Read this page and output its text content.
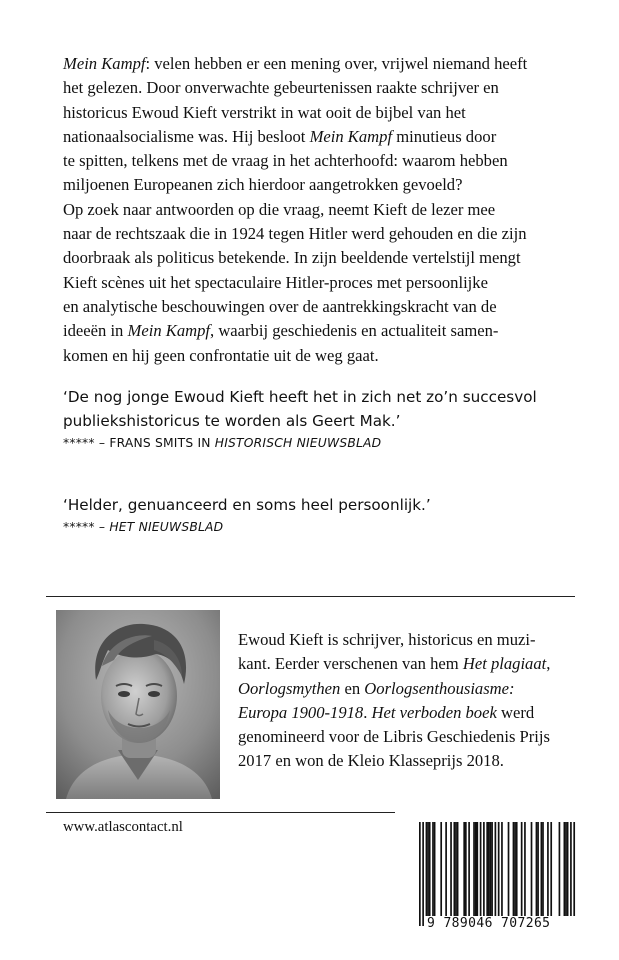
Mein Kampf: velen hebben er een mening over, vrijwel niemand heeft
het gelezen. Door onverwachte gebeurtenissen raakte schrijver en
historicus Ewoud Kieft verstrikt in wat ooit de bijbel van het
nationaalsocialisme was. Hij besloot Mein Kampf minutieus door
te spitten, telkens met de vraag in het achterhoofd: waarom hebben
miljoenen Europeanen zich hierdoor aangetrokken gevoeld?
Op zoek naar antwoorden op die vraag, neemt Kieft de lezer mee
naar de rechtszaak die in 1924 tegen Hitler werd gehouden en die zijn
doorbraak als politicus betekende. In zijn beeldende vertelstijl mengt
Kieft scènes uit het spectaculaire Hitler-proces met persoonlijke
en analytische beschouwingen over de aantrekkingskracht van de
ideeën in Mein Kampf, waarbij geschiedenis en actualiteit samen-
komen en hij geen confrontatie uit de weg gaat.
‘De nog jonge Ewoud Kieft heeft het in zich net zo’n succesvol
publiekshistoricus te worden als Geert Mak.’
***** – FRANS SMITS IN HISTORISCH NIEUWSBLAD
‘Helder, genuanceerd en soms heel persoonlijk.’
***** – HET NIEUWSBLAD
Ewoud Kieft is schrijver, historicus en muzi-
kant. Eerder verschenen van hem Het plagiaat,
Oorlogsmythen en Oorlogsenthousiasme:
Europa 1900-1918. Het verboden boek werd
genomineerd voor de Libris Geschiedenis Prijs
2017 en won de Kleio Klasseprijs 2018.
www.atlascontact.nl
9 789046 707265
